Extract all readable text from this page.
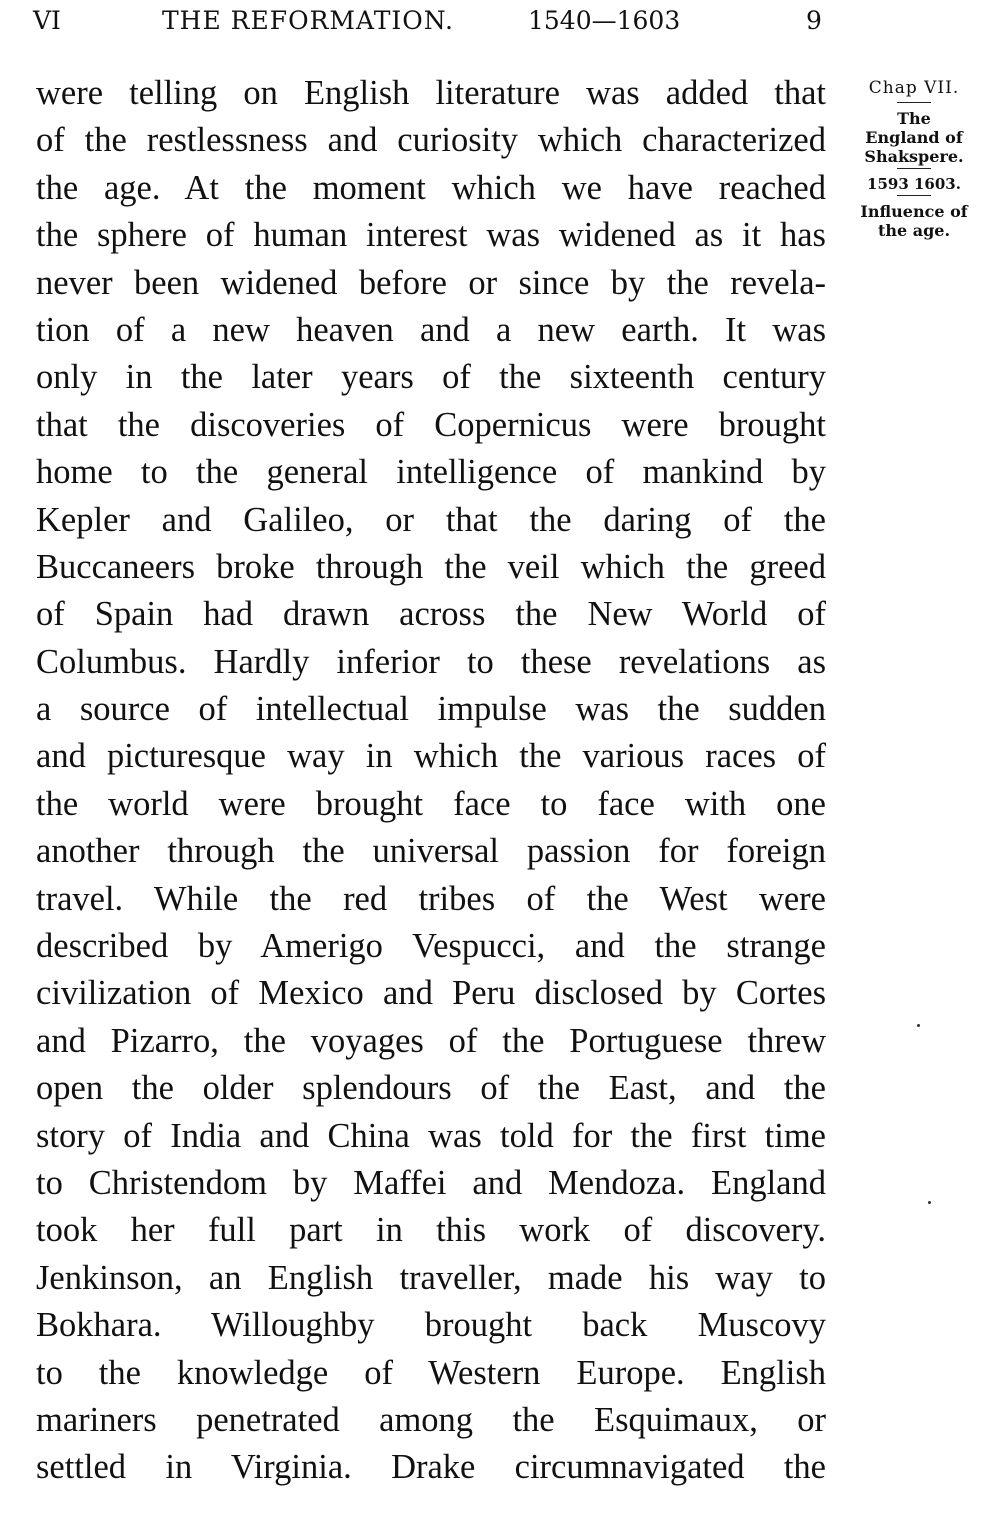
VI	THE REFORMATION.	1540—1603	9
were telling on English literature was added that
of the restlessness and curiosity which characterized
the age. At the moment which we have reached
the sphere of human interest was widened as it has
never been widened before or since by the revela-
tion of a new heaven and a new earth. It was
only in the later years of the sixteenth century
that the discoveries of Copernicus were brought
home to the general intelligence of mankind by
Kepler and Galileo, or that the daring of the
Buccaneers broke through the veil which the greed
of Spain had drawn across the New World of
Columbus. Hardly inferior to these revelations as
a source of intellectual impulse was the sudden
and picturesque way in which the various races of
the world were brought face to face with one
another through the universal passion for foreign
travel. While the red tribes of the West were
described by Amerigo Vespucci, and the strange
civilization of Mexico and Peru disclosed by Cortes
and Pizarro, the voyages of the Portuguese threw
open the older splendours of the East, and the
story of India and China was told for the first time
to Christendom by Maffei and Mendoza. England
took her full part in this work of discovery.
Jenkinson, an English traveller, made his way to
Bokhara. Willoughby brought back Muscovy
to the knowledge of Western Europe. English
mariners penetrated among the Esquimaux, or
settled in Virginia. Drake circumnavigated the
Chap VII.
The
England of
Shakspere.
1593 1603.
Influence of
the age.
